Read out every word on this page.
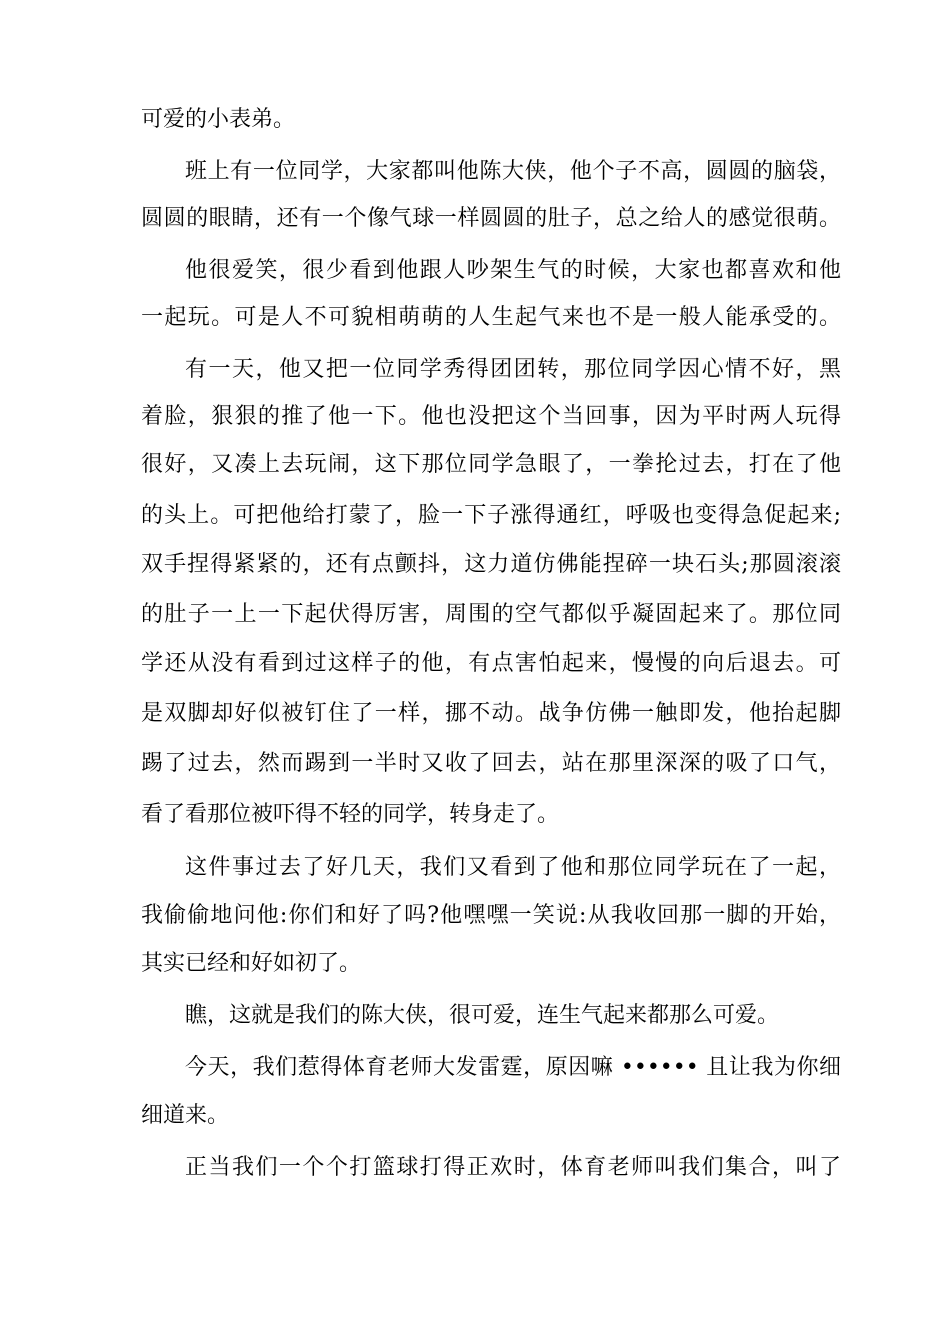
可爱的小表弟。
班上有一位同学，大家都叫他陈大侠，他个子不高，圆圆的脑袋，
圆圆的眼睛，还有一个像气球一样圆圆的肚子，总之给人的感觉很萌。
他很爱笑，很少看到他跟人吵架生气的时候，大家也都喜欢和他
一起玩。可是人不可貌相萌萌的人生起气来也不是一般人能承受的。
有一天，他又把一位同学秀得团团转，那位同学因心情不好，黑
着脸，狠狠的推了他一下。他也没把这个当回事，因为平时两人玩得
很好，又凑上去玩闹，这下那位同学急眼了，一拳抡过去，打在了他
的头上。可把他给打蒙了，脸一下子涨得通红，呼吸也变得急促起来;
双手捏得紧紧的，还有点颤抖，这力道仿佛能捏碎一块石头;那圆滚滚
的肚子一上一下起伏得厉害，周围的空气都似乎凝固起来了。那位同
学还从没有看到过这样子的他，有点害怕起来，慢慢的向后退去。可
是双脚却好似被钉住了一样，挪不动。战争仿佛一触即发，他抬起脚
踢了过去，然而踢到一半时又收了回去，站在那里深深的吸了口气，
看了看那位被吓得不轻的同学，转身走了。
这件事过去了好几天，我们又看到了他和那位同学玩在了一起，
我偷偷地问他:你们和好了吗?他嘿嘿一笑说:从我收回那一脚的开始，
其实已经和好如初了。
瞧，这就是我们的陈大侠，很可爱，连生气起来都那么可爱。
今天，我们惹得体育老师大发雷霆，原因嘛 •••••• 且让我为你细
细道来。
正当我们一个个打篮球打得正欢时，体育老师叫我们集合，叫了
